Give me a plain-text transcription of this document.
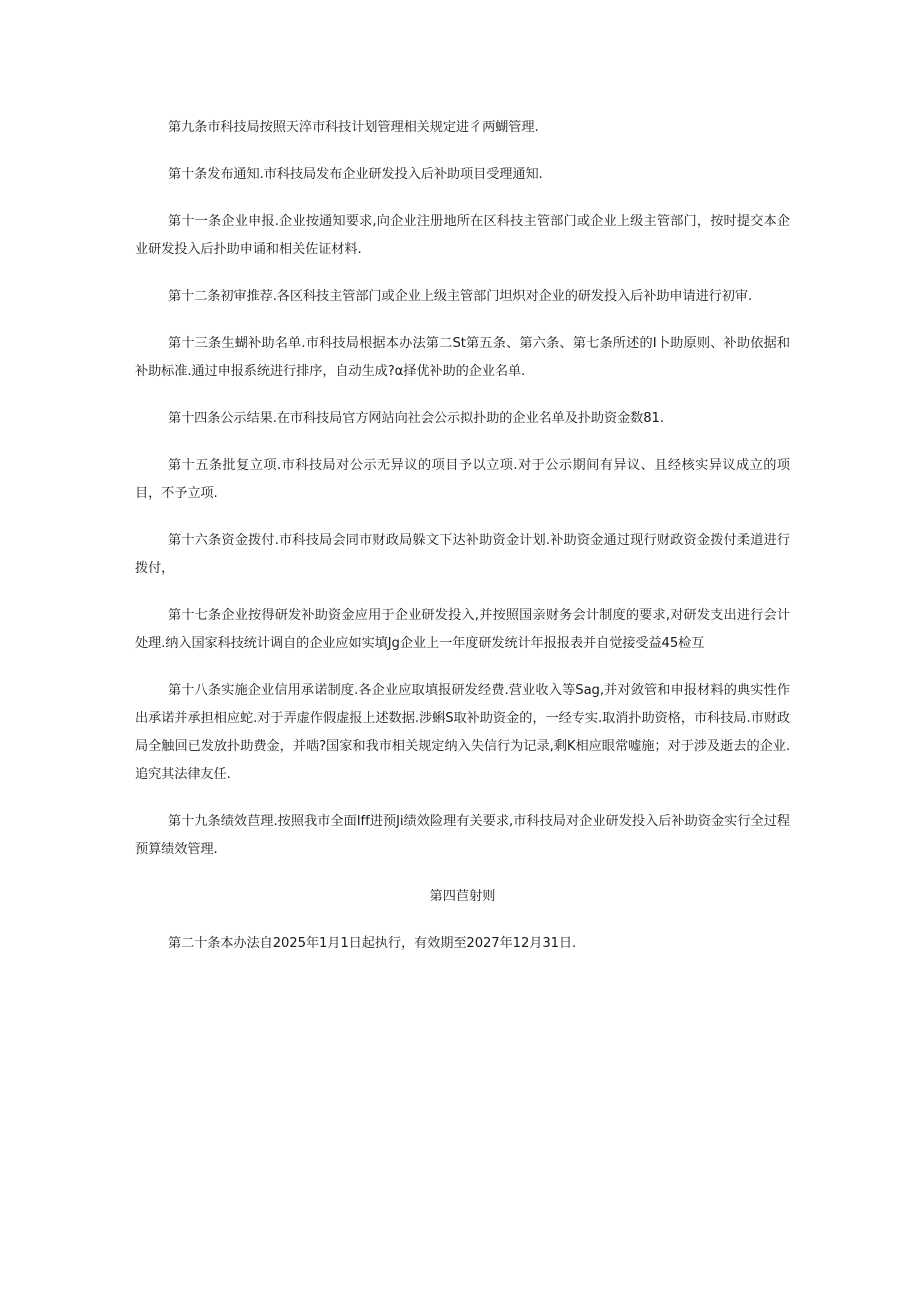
第九条市科技局按照天淬市科技计划管理相关规定进彳两蝴管理.

第十条发布通知.市科技局发布企业研发投入后补助项目受理通知.

第十一条企业申报.企业按通知要求,向企业注册地所在区科技主管部门或企业上级主管部门，按时提交本企业研发投入后扑助申诵和相关佐证材料.

第十二条初审推荐.各区科技主管部门或企业上级主管部门坦炽对企业的研发投入后补助申请进行初审.

第十三条生蝴补助名单.市科技局根据本办法第二St第五条、第六条、第七条所述的I卜助原则、补助依据和补助标准.通过申报系统进行排序，自动生成?α择优补助的企业名单.

第十四条公示结果.在市科技局官方网站向社会公示拟扑助的企业名单及扑助资金数81.

第十五条批复立项.市科技局对公示无异议的项目予以立项.对于公示期间有异议、且经核实异议成立的项目，不予立项.

第十六条资金拨付.市科技局会同市财政局躲文下达补助资金计划.补助资金通过现行财政资金拨付柔道进行拨付，

第十七条企业按得研发补助资金应用于企业研发投入,并按照国亲财务会计制度的要求,对研发支出进行会计处理.纳入国家科技统计调自的企业应如实填Jg企业上一年度研发统计年报报表并自觉接受益45检互

第十八条实施企业信用承诺制度.各企业应取填报研发经费.营业收入等Sag,并对敛管和申报材料的典实性作出承诺并承担相应蛇.对于弄虚作假虚报上述数据.涉蝌S取补助资金的，一经专实.取消扑助资格，市科技局.市财政局全触回已发放扑助费金，并啮?国家和我市相关规定纳入失信行为记录,剩K相应眼常嘘施；对于涉及逝去的企业.追究其法律友任.

第十九条绩效苣理.按照我市全面Iff进预Ji绩效险理有关要求,市科技局对企业研发投入后补助资金实行全过程预算绩效管理.

第四苣射则

第二十条本办法自2025年1月1日起执行，有效期至2027年12月31日.
